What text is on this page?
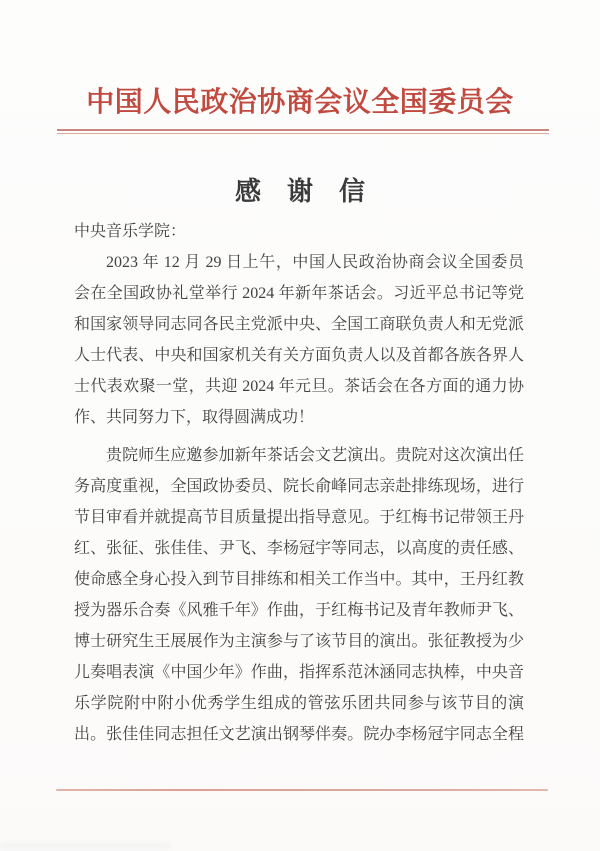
中国人民政治协商会议全国委员会
感谢信
中央音乐学院：
2023 年 12 月 29 日上午，中国人民政治协商会议全国委员
会在全国政协礼堂举行 2024 年新年茶话会。习近平总书记等党
和国家领导同志同各民主党派中央、全国工商联负责人和无党派
人士代表、中央和国家机关有关方面负责人以及首都各族各界人
士代表欢聚一堂，共迎 2024 年元旦。茶话会在各方面的通力协
作、共同努力下，取得圆满成功！
贵院师生应邀参加新年茶话会文艺演出。贵院对这次演出任
务高度重视，全国政协委员、院长俞峰同志亲赴排练现场，进行
节目审看并就提高节目质量提出指导意见。于红梅书记带领王丹
红、张征、张佳佳、尹飞、李杨冠宇等同志，以高度的责任感、
使命感全身心投入到节目排练和相关工作当中。其中，王丹红教
授为器乐合奏《风雅千年》作曲，于红梅书记及青年教师尹飞、
博士研究生王展展作为主演参与了该节目的演出。张征教授为少
儿奏唱表演《中国少年》作曲，指挥系范沐涵同志执棒，中央音
乐学院附中附小优秀学生组成的管弦乐团共同参与该节目的演
出。张佳佳同志担任文艺演出钢琴伴奏。院办李杨冠宇同志全程
